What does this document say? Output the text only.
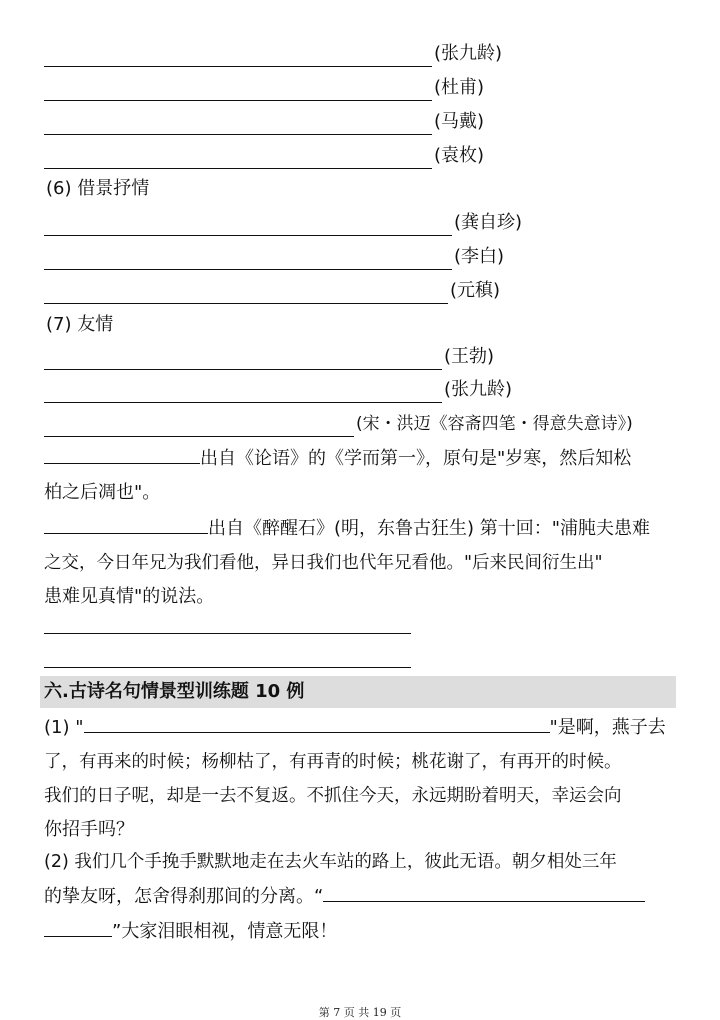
(张九龄)
(杜甫)
(马戴)
(袁枚)
(6) 借景抒情
(龚自珍)
(李白)
(元稹)
(7) 友情
(王勃)
(张九龄)
(宋・洪迈《容斋四笔・得意失意诗》)
出自《论语》的《学而第一》，原句是"岁寒，然后知松
柏之后凋也"。
出自《醉醒石》(明，东鲁古狂生) 第十回："浦肫夫患难
之交，今日年兄为我们看他，异日我们也代年兄看他。"后来民间衍生出"
患难见真情"的说法。
六.古诗名句情景型训练题 10 例
(1) "	"是啊，燕子去
了，有再来的时候；杨柳枯了，有再青的时候；桃花谢了，有再开的时候。
我们的日子呢，却是一去不复返。不抓住今天，永远期盼着明天，幸运会向
你招手吗？
(2) 我们几个手挽手默默地走在去火车站的路上，彼此无语。朝夕相处三年
的挚友呀，怎舍得刹那间的分离。“
”大家泪眼相视，情意无限！
第 7 页 共 19 页
